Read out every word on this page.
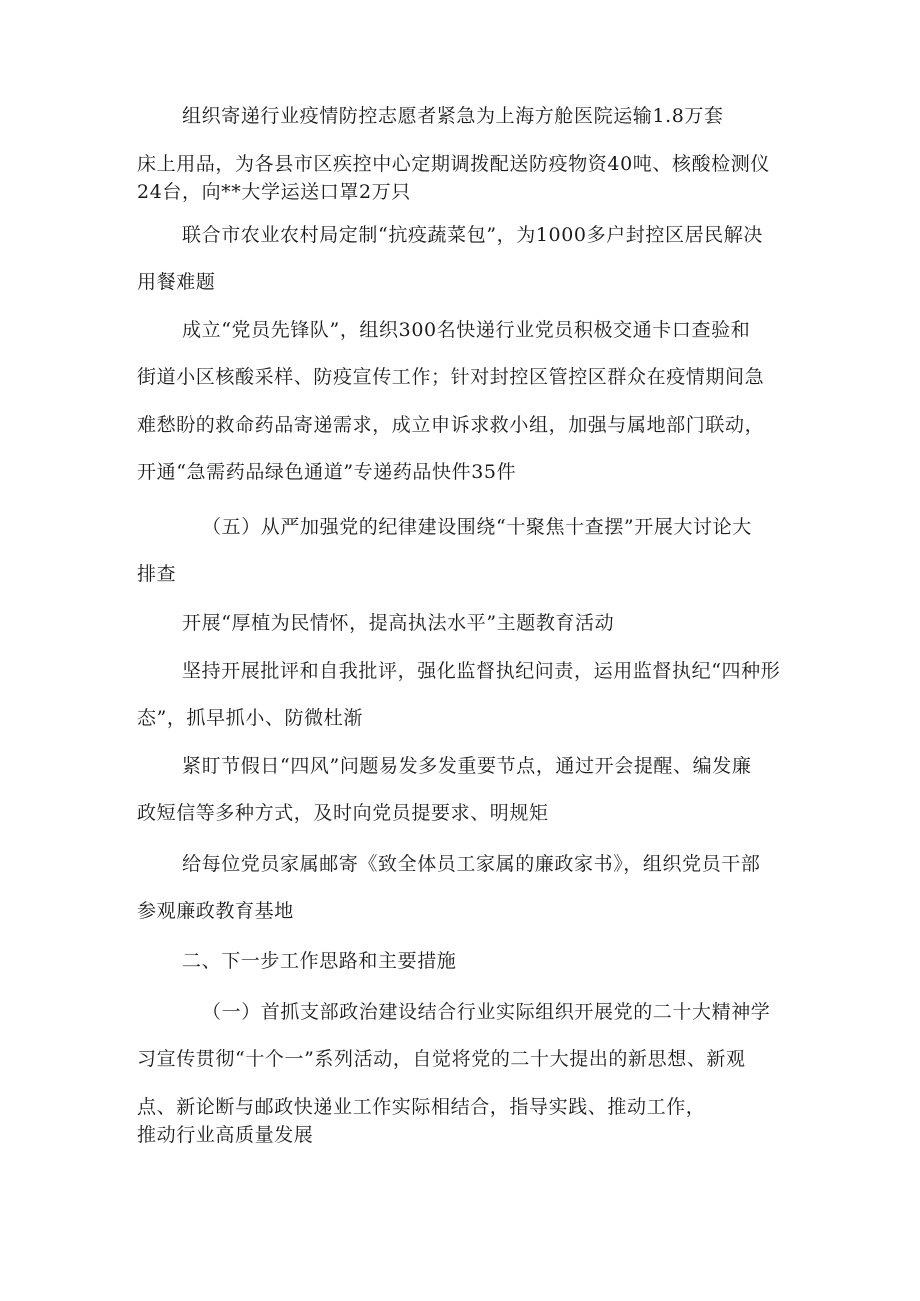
组织寄递行业疫情防控志愿者紧急为上海方舱医院运输1.8万套
床上用品，为各县市区疾控中心定期调拨配送防疫物资40吨、核酸检测仪
24台，向**大学运送口罩2万只
联合市农业农村局定制“抗疫蔬菜包”，为1000多户封控区居民解决
用餐难题
成立“党员先锋队”，组织300名快递行业党员积极交通卡口查验和
街道小区核酸采样、防疫宣传工作；针对封控区管控区群众在疫情期间急
难愁盼的救命药品寄递需求，成立申诉求救小组，加强与属地部门联动，
开通“急需药品绿色通道”专递药品快件35件
（五）从严加强党的纪律建设围绕“十聚焦十查摆”开展大讨论大
排查
开展“厚植为民情怀，提高执法水平”主题教育活动
坚持开展批评和自我批评，强化监督执纪问责，运用监督执纪“四种形
态”，抓早抓小、防微杜渐
紧盯节假日“四风”问题易发多发重要节点，通过开会提醒、编发廉
政短信等多种方式，及时向党员提要求、明规矩
给每位党员家属邮寄《致全体员工家属的廉政家书》，组织党员干部
参观廉政教育基地
二、下一步工作思路和主要措施
（一）首抓支部政治建设结合行业实际组织开展党的二十大精神学
习宣传贯彻“十个一”系列活动，自觉将党的二十大提出的新思想、新观
点、新论断与邮政快递业工作实际相结合，指导实践、推动工作，
推动行业高质量发展
